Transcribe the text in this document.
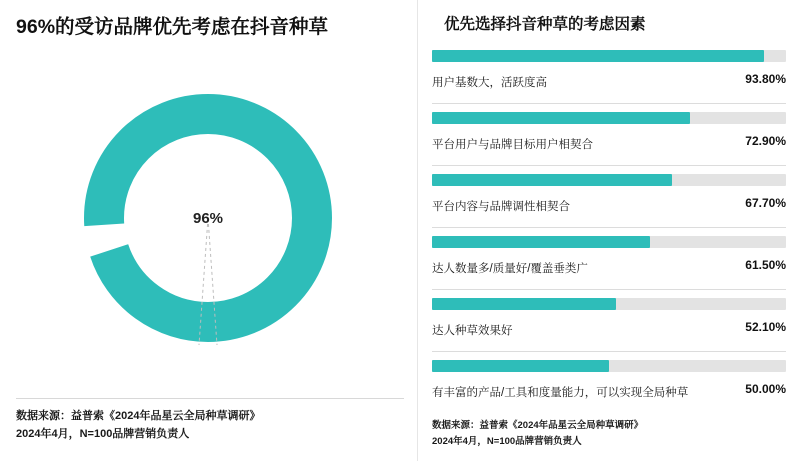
96%的受访品牌优先考虑在抖音种草
96%
数据来源：益普索《2024年品星云全局种草调研》
2024年4月，N=100品牌营销负责人
优先选择抖音种草的考虑因素
用户基数大，活跃度高	93.80%
平台用户与品牌目标用户相契合	72.90%
平台内容与品牌调性相契合	67.70%
达人数量多/质量好/覆盖垂类广	61.50%
达人种草效果好	52.10%
有丰富的产品/工具和度量能力，可以实现全局种草	50.00%
数据来源：益普索《2024年品星云全局种草调研》
2024年4月，N=100品牌营销负责人
